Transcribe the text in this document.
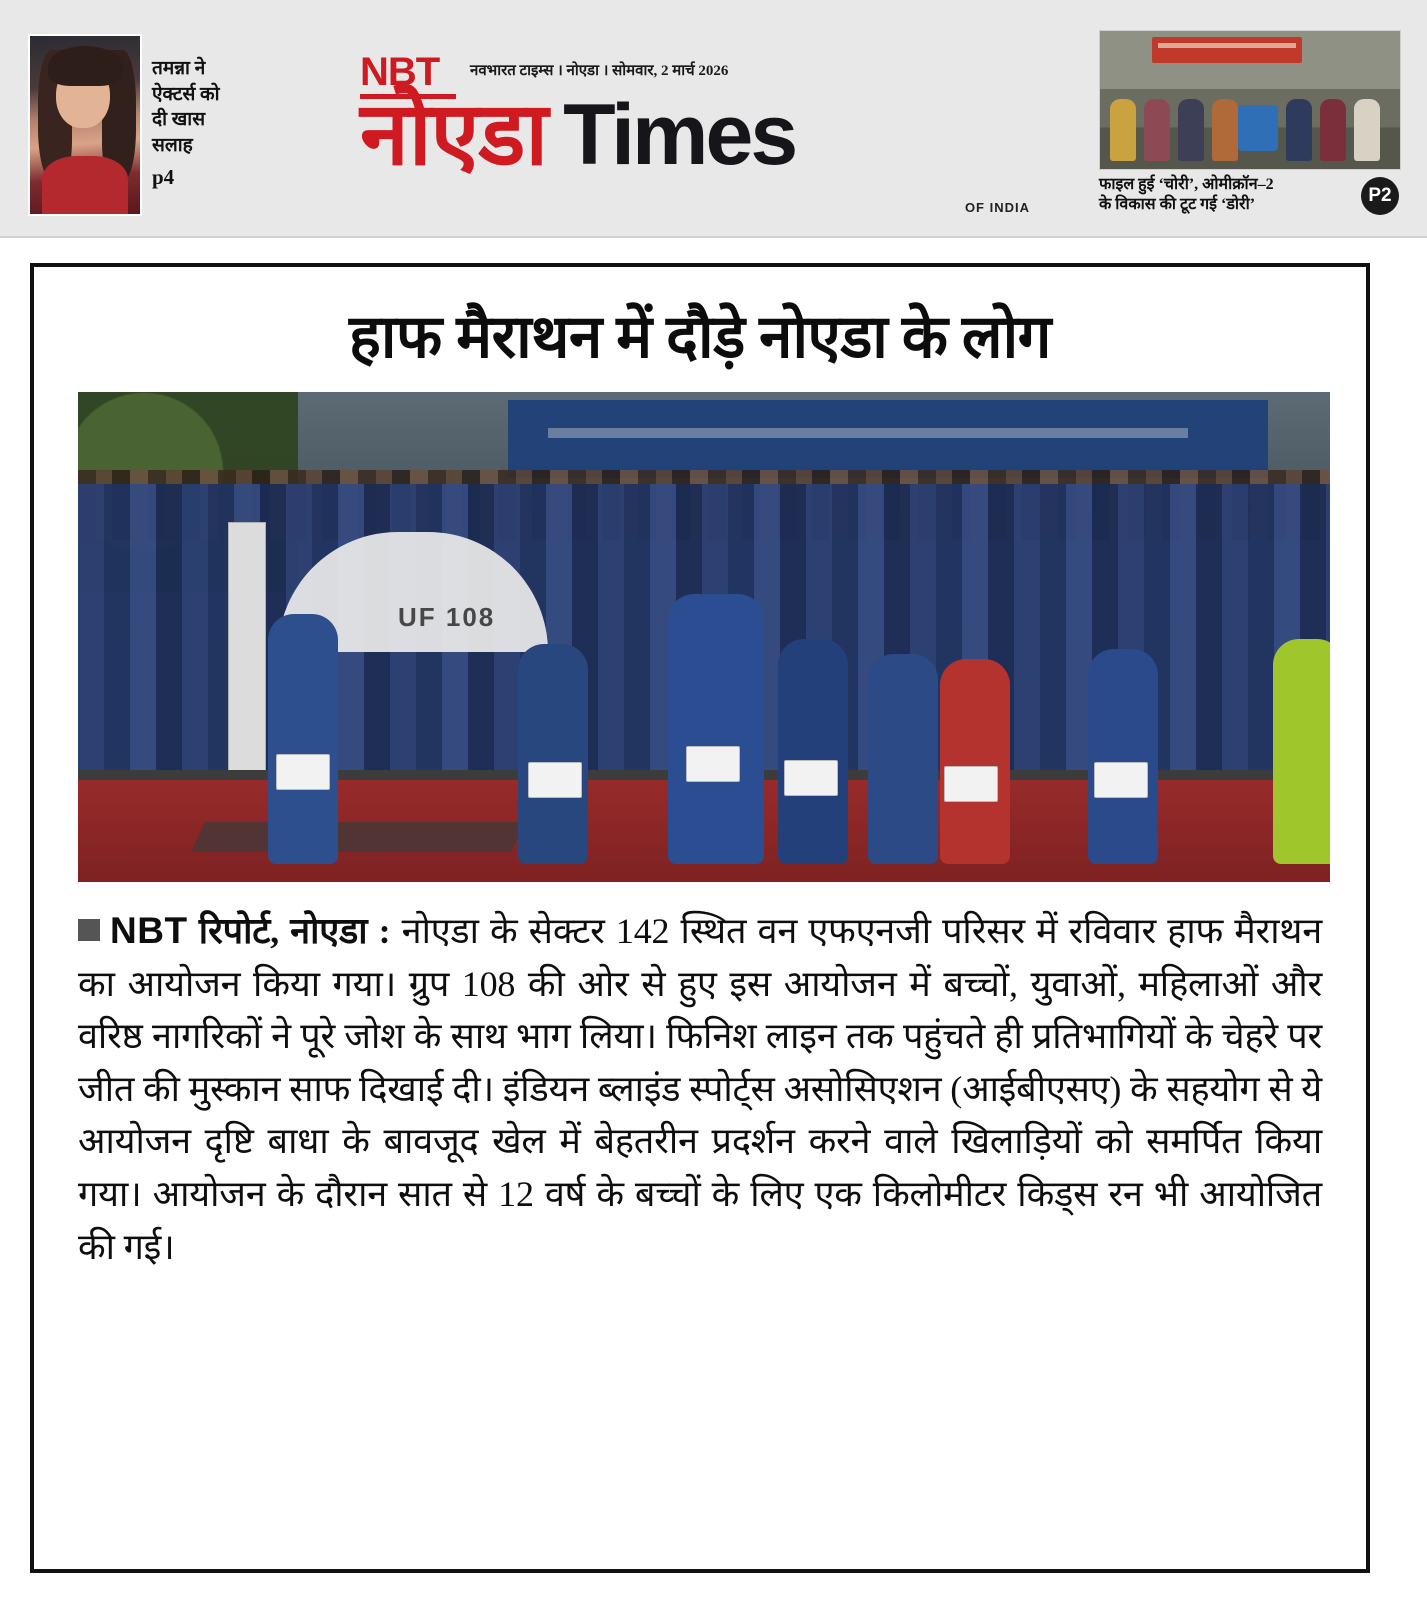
तमन्ना ने
ऐक्टर्स को
दी खास
सलाह
p4
NBT	नवभारत टाइम्स । नोएडा । सोमवार, 2 मार्च 2026
नोएडा Times
OF INDIA
फाइल हुई ‘चोरी’, ओमीक्रॉन–2
के विकास की टूट गई ‘डोरी’	P2
हाफ मैराथन में दौड़े नोएडा के लोग
UF 108
NBT रिपोर्ट, नोएडा : नोएडा के सेक्टर 142 स्थित वन एफएनजी परिसर में रविवार हाफ मैराथन का आयोजन किया गया। ग्रुप 108 की ओर से हुए इस आयोजन में बच्चों, युवाओं, महिलाओं और वरिष्ठ नागरिकों ने पूरे जोश के साथ भाग लिया। फिनिश लाइन तक पहुंचते ही प्रतिभागियों के चेहरे पर जीत की मुस्कान साफ दिखाई दी। इंडियन ब्लाइंड स्पोर्ट्स असोसिएशन (आईबीएसए) के सहयोग से ये आयोजन दृष्टि बाधा के बावजूद खेल में बेहतरीन प्रदर्शन करने वाले खिलाड़ियों को समर्पित किया गया। आयोजन के दौरान सात से 12 वर्ष के बच्चों के लिए एक किलोमीटर किड्स रन भी आयोजित की गई।
